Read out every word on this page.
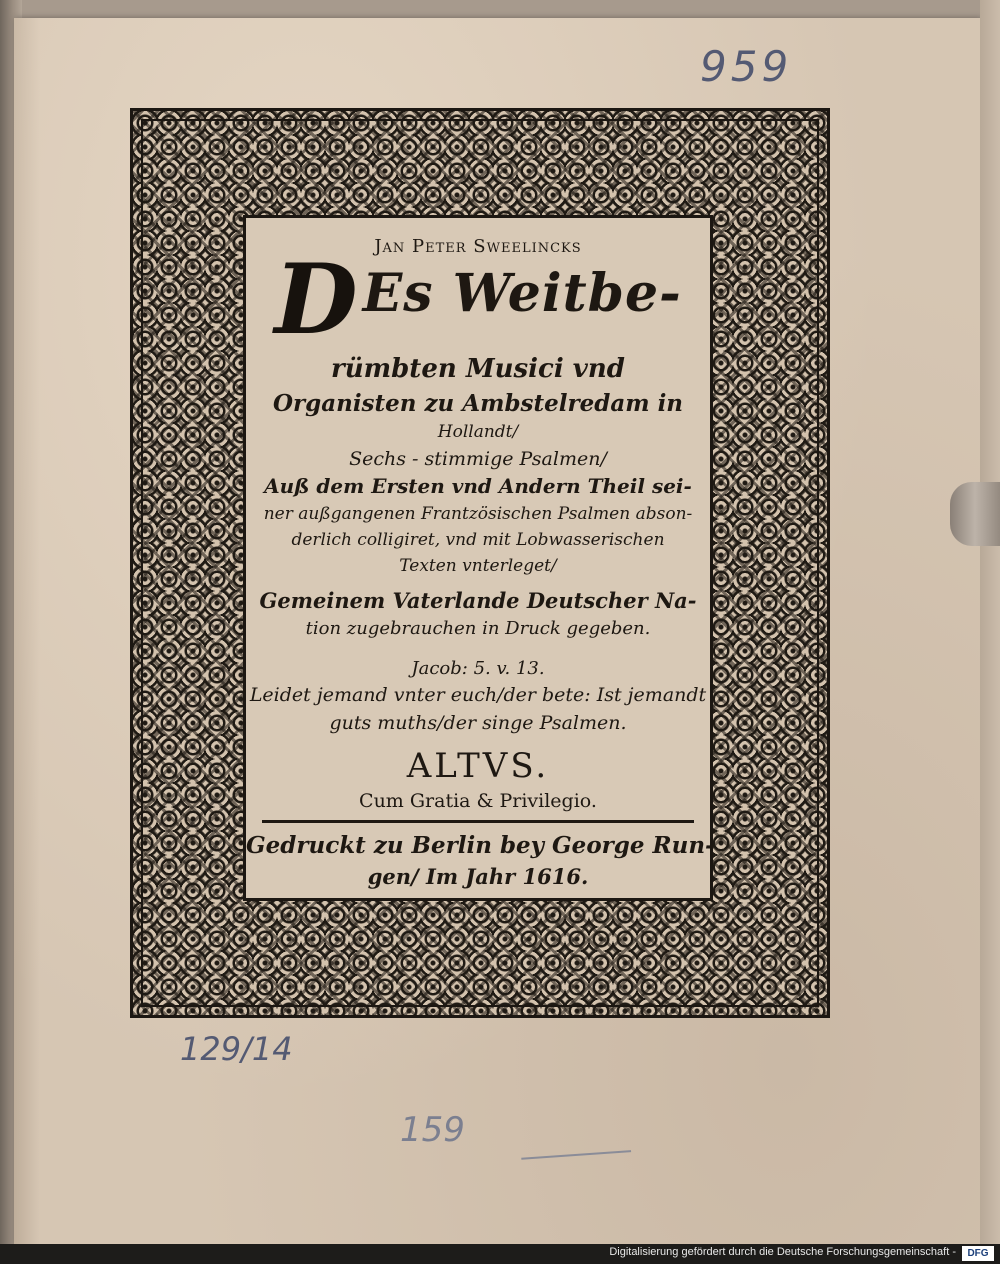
959
Jan Peter Sweelincks
DEs Weitbe-
rümbten Musici vnd
Organisten zu Ambstelredam in
Hollandt/
Sechs - stimmige Psalmen/
Auß dem Ersten vnd Andern Theil sei-
ner außgangenen Frantzösischen Psalmen abson-
derlich colligiret, vnd mit Lobwasserischen
Texten vnterleget/
Gemeinem Vaterlande Deutscher Na-
tion zugebrauchen in Druck gegeben.
Jacob: 5. v. 13.
Leidet jemand vnter euch/der bete: Ist jemandt
guts muths/der singe Psalmen.
ALTVS.
Cum Gratia & Privilegio.
Gedruckt zu Berlin bey George Run-
gen/ Im Jahr 1616.
129/14
159
Digitalisierung gefördert durch die Deutsche Forschungsgemeinschaft -	DFG
